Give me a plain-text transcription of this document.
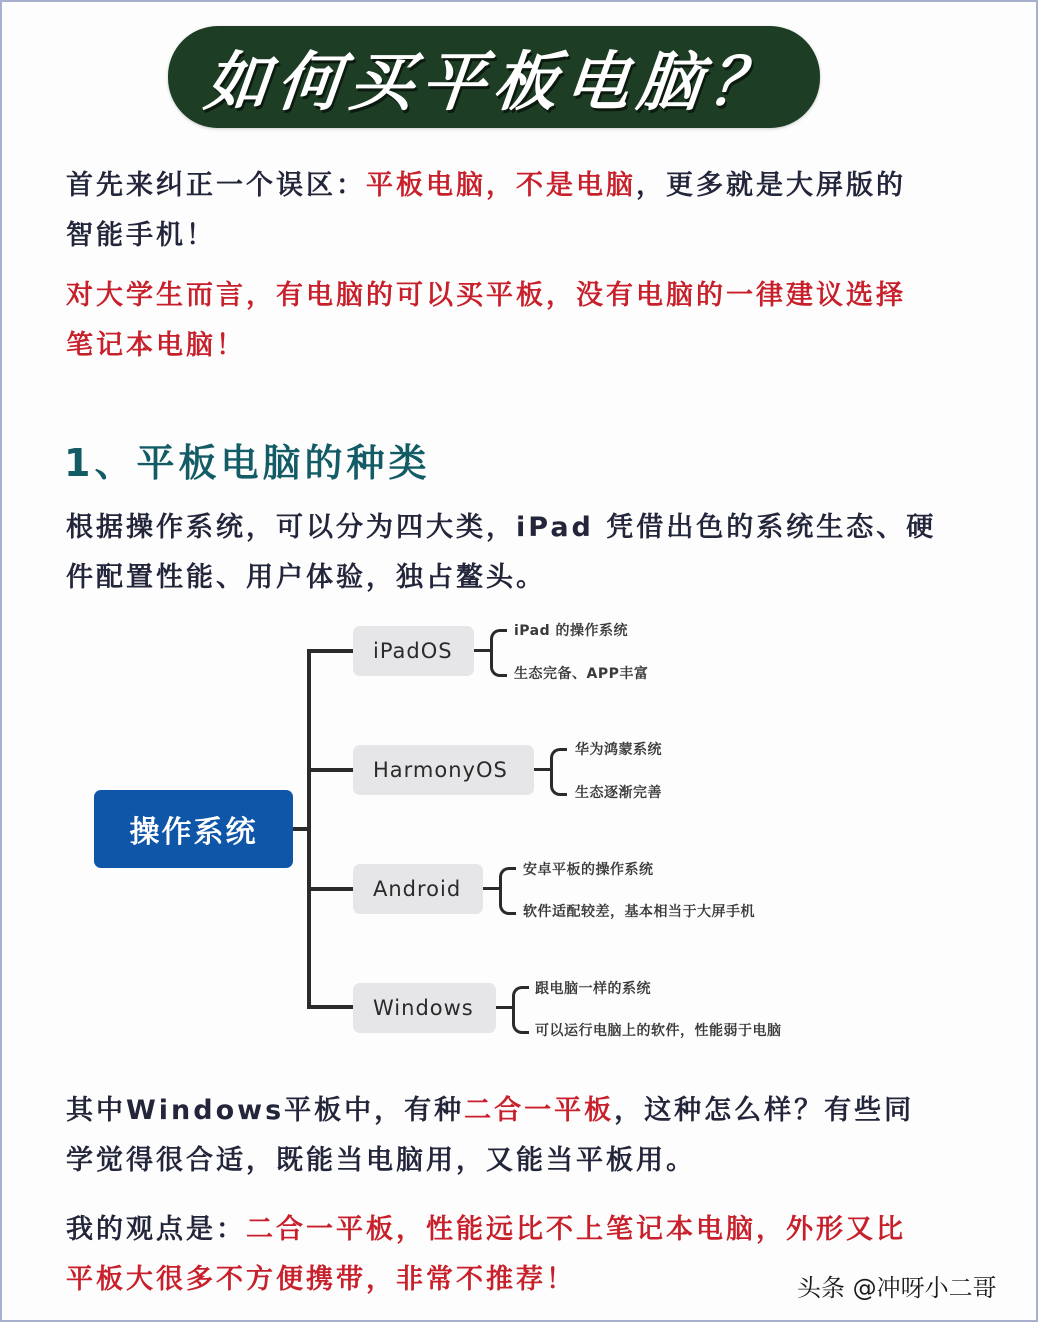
如何买平板电脑？
首先来纠正一个误区：平板电脑，不是电脑，更多就是大屏版的
智能手机！
对大学生而言，有电脑的可以买平板，没有电脑的一律建议选择
笔记本电脑！
1、平板电脑的种类
根据操作系统，可以分为四大类，iPad 凭借出色的系统生态、硬
件配置性能、用户体验，独占鳌头。
操作系统
iPadOS
iPad 的操作系统
生态完备、APP丰富
HarmonyOS
华为鸿蒙系统
生态逐渐完善
Android
安卓平板的操作系统
软件适配较差，基本相当于大屏手机
Windows
跟电脑一样的系统
可以运行电脑上的软件，性能弱于电脑
其中Windows平板中，有种二合一平板，这种怎么样？有些同
学觉得很合适，既能当电脑用，又能当平板用。
我的观点是：二合一平板，性能远比不上笔记本电脑，外形又比
平板大很多不方便携带，非常不推荐！	头条 @冲呀小二哥
